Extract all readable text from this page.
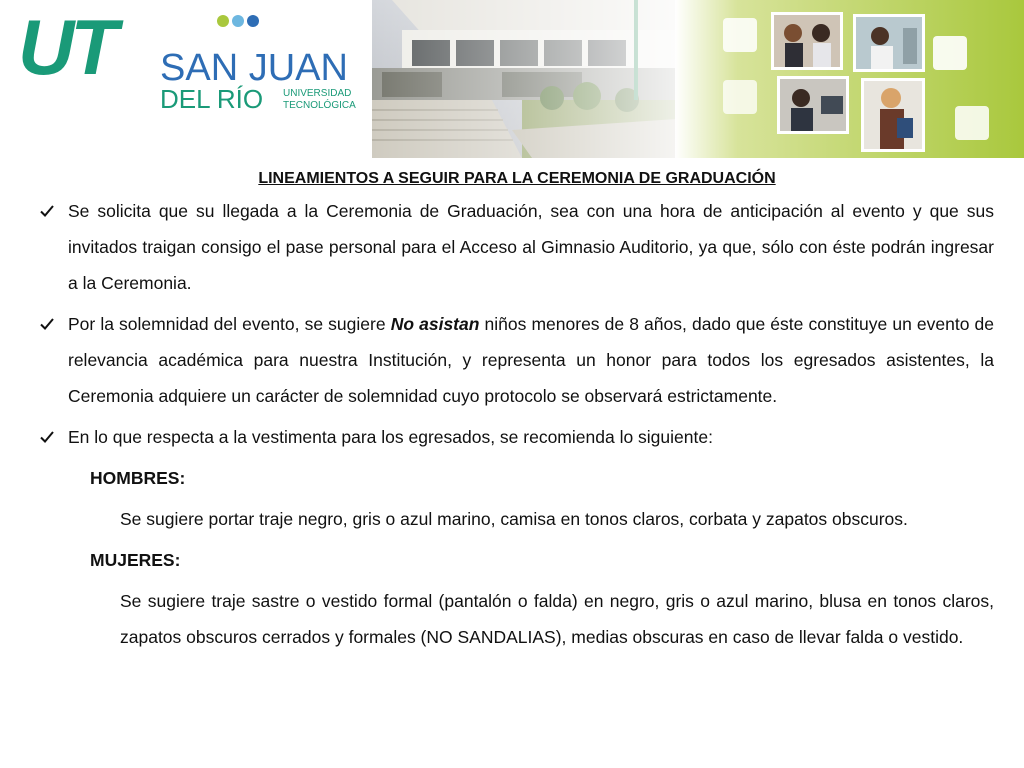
UT SAN JUAN
DEL RÍO UNIVERSIDAD
TECNOLÓGICA
LINEAMIENTOS A SEGUIR PARA LA CEREMONIA DE GRADUACIÓN
Se solicita que su llegada a la Ceremonia de Graduación, sea con una hora de anticipación al evento y que sus invitados traigan consigo el pase personal para el Acceso al Gimnasio Auditorio, ya que, sólo con éste podrán ingresar a la Ceremonia.
Por la solemnidad del evento, se sugiere No asistan niños menores de 8 años, dado que éste constituye un evento de relevancia académica para nuestra Institución, y representa un honor para todos los egresados asistentes, la Ceremonia adquiere un carácter de solemnidad cuyo protocolo se observará estrictamente.
En lo que respecta a la vestimenta para los egresados, se recomienda lo siguiente:
HOMBRES:
Se sugiere portar traje negro, gris o azul marino, camisa en tonos claros, corbata y zapatos obscuros.
MUJERES:
Se sugiere traje sastre o vestido formal (pantalón o falda) en negro, gris o azul marino, blusa en tonos claros, zapatos obscuros cerrados y formales (NO SANDALIAS), medias obscuras en caso de llevar falda o vestido.
